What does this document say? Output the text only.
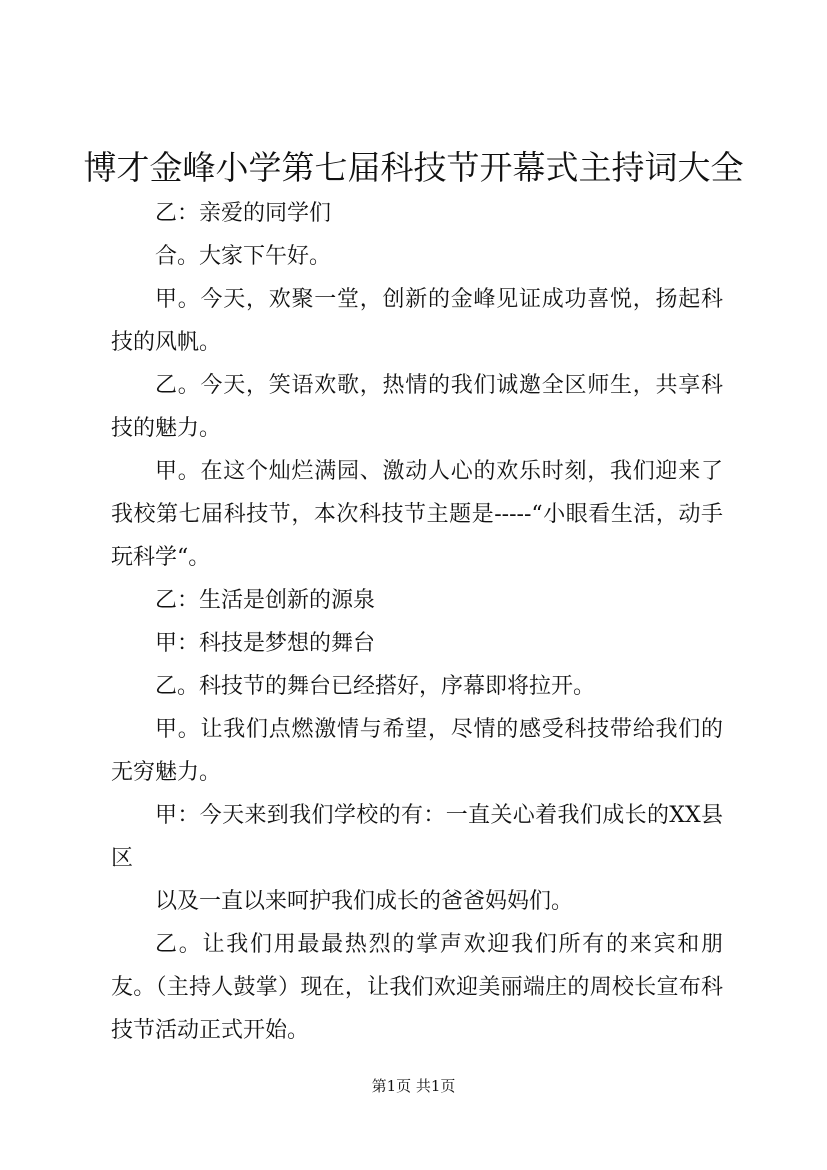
博才金峰小学第七届科技节开幕式主持词大全

乙：亲爱的同学们

合。大家下午好。

甲。今天，欢聚一堂，创新的金峰见证成功喜悦，扬起科技的风帆。

乙。今天，笑语欢歌，热情的我们诚邀全区师生，共享科技的魅力。

甲。在这个灿烂满园、激动人心的欢乐时刻，我们迎来了我校第七届科技节，本次科技节主题是-----“小眼看生活，动手玩科学“。

乙：生活是创新的源泉

甲：科技是梦想的舞台

乙。科技节的舞台已经搭好，序幕即将拉开。

甲。让我们点燃激情与希望，尽情的感受科技带给我们的无穷魅力。

甲：今天来到我们学校的有：一直关心着我们成长的XX县区

以及一直以来呵护我们成长的爸爸妈妈们。

乙。让我们用最最热烈的掌声欢迎我们所有的来宾和朋友。（主持人鼓掌）现在，让我们欢迎美丽端庄的周校长宣布科技节活动正式开始。

第1页 共1页
